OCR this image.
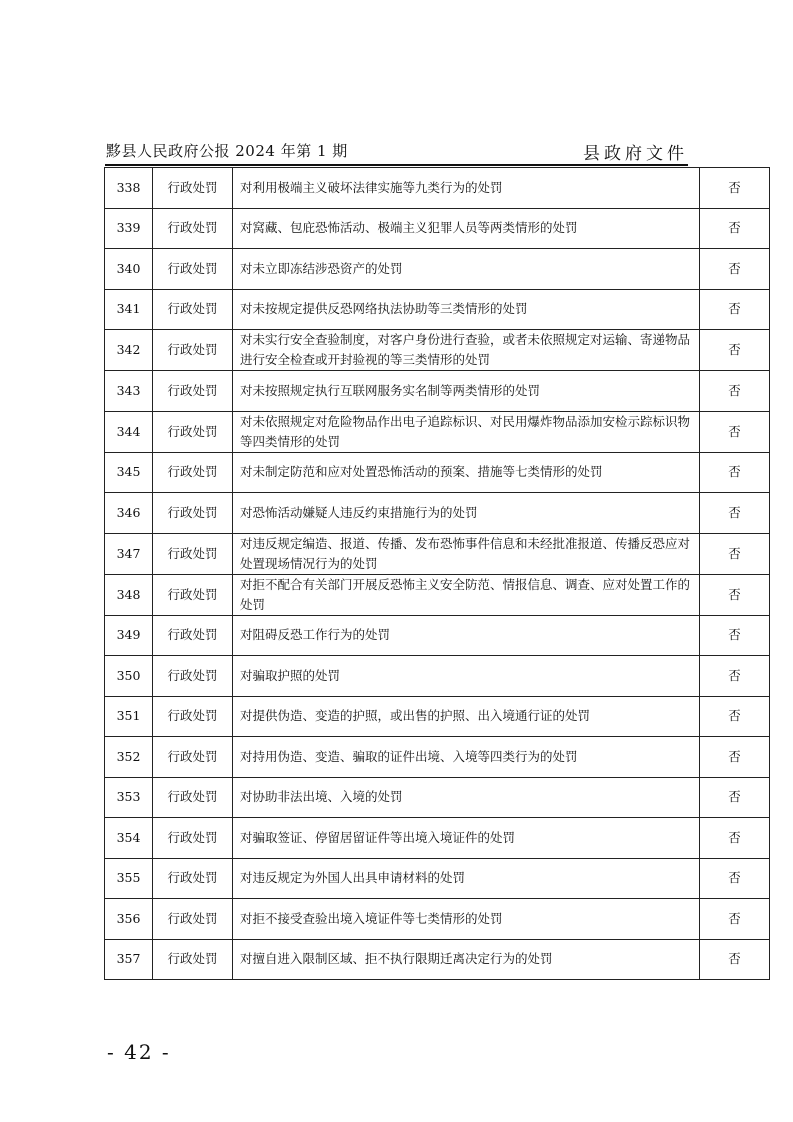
黟县人民政府公报 2024 年第 1 期	县政府文件
338	行政处罚	对利用极端主义破坏法律实施等九类行为的处罚	否
339	行政处罚	对窝藏、包庇恐怖活动、极端主义犯罪人员等两类情形的处罚	否
340	行政处罚	对未立即冻结涉恐资产的处罚	否
341	行政处罚	对未按规定提供反恐网络执法协助等三类情形的处罚	否
342	行政处罚	对未实行安全查验制度，对客户身份进行查验，或者未依照规定对运输、寄递物品进行安全检查或开封验视的等三类情形的处罚	否
343	行政处罚	对未按照规定执行互联网服务实名制等两类情形的处罚	否
344	行政处罚	对未依照规定对危险物品作出电子追踪标识、对民用爆炸物品添加安检示踪标识物等四类情形的处罚	否
345	行政处罚	对未制定防范和应对处置恐怖活动的预案、措施等七类情形的处罚	否
346	行政处罚	对恐怖活动嫌疑人违反约束措施行为的处罚	否
347	行政处罚	对违反规定编造、报道、传播、发布恐怖事件信息和未经批准报道、传播反恐应对处置现场情况行为的处罚	否
348	行政处罚	对拒不配合有关部门开展反恐怖主义安全防范、情报信息、调查、应对处置工作的处罚	否
349	行政处罚	对阻碍反恐工作行为的处罚	否
350	行政处罚	对骗取护照的处罚	否
351	行政处罚	对提供伪造、变造的护照，或出售的护照、出入境通行证的处罚	否
352	行政处罚	对持用伪造、变造、骗取的证件出境、入境等四类行为的处罚	否
353	行政处罚	对协助非法出境、入境的处罚	否
354	行政处罚	对骗取签证、停留居留证件等出境入境证件的处罚	否
355	行政处罚	对违反规定为外国人出具申请材料的处罚	否
356	行政处罚	对拒不接受查验出境入境证件等七类情形的处罚	否
357	行政处罚	对擅自进入限制区域、拒不执行限期迁离决定行为的处罚	否
- 42 -
